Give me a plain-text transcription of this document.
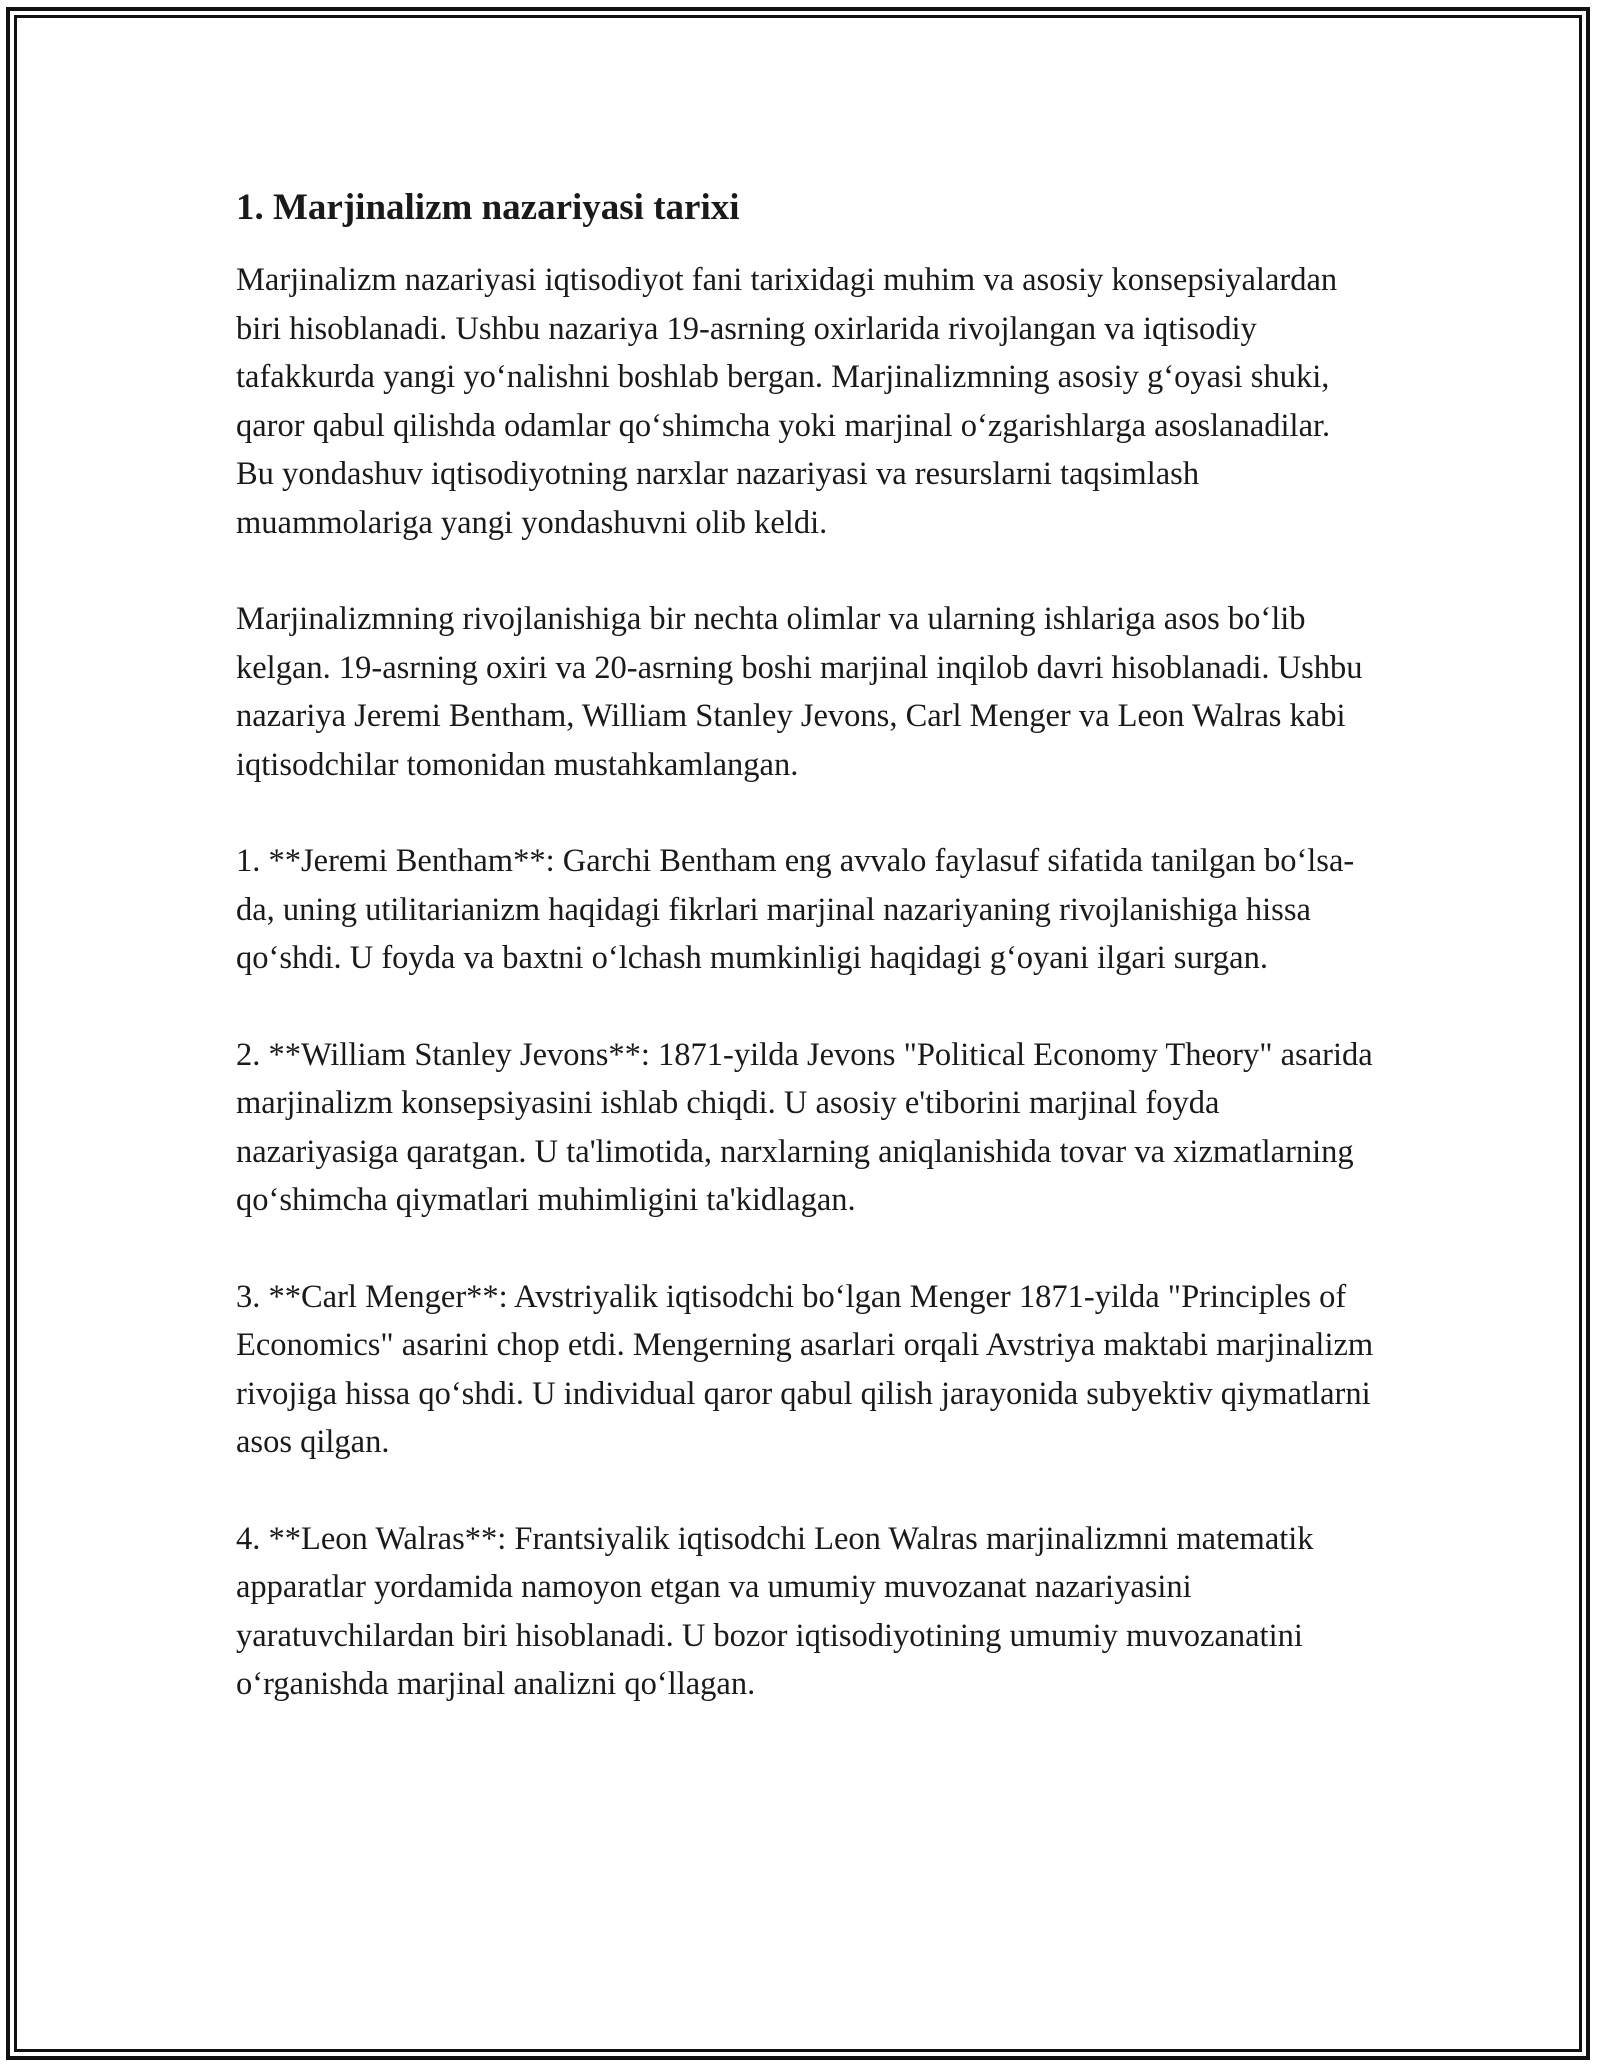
1. Marjinalizm nazariyasi tarixi

Marjinalizm nazariyasi iqtisodiyot fani tarixidagi muhim va asosiy konsepsiyalardan biri hisoblanadi. Ushbu nazariya 19-asrning oxirlarida rivojlangan va iqtisodiy tafakkurda yangi yo‘nalishni boshlab bergan. Marjinalizmning asosiy g‘oyasi shuki, qaror qabul qilishda odamlar qo‘shimcha yoki marjinal o‘zgarishlarga asoslanadilar. Bu yondashuv iqtisodiyotning narxlar nazariyasi va resurslarni taqsimlash muammolariga yangi yondashuvni olib keldi.

Marjinalizmning rivojlanishiga bir nechta olimlar va ularning ishlariga asos bo‘lib kelgan. 19-asrning oxiri va 20-asrning boshi marjinal inqilob davri hisoblanadi. Ushbu nazariya Jeremi Bentham, William Stanley Jevons, Carl Menger va Leon Walras kabi iqtisodchilar tomonidan mustahkamlangan.

1. **Jeremi Bentham**: Garchi Bentham eng avvalo faylasuf sifatida tanilgan bo‘lsa-da, uning utilitarianizm haqidagi fikrlari marjinal nazariyaning rivojlanishiga hissa qo‘shdi. U foyda va baxtni o‘lchash mumkinligi haqidagi g‘oyani ilgari surgan.

2. **William Stanley Jevons**: 1871-yilda Jevons "Political Economy Theory" asarida marjinalizm konsepsiyasini ishlab chiqdi. U asosiy e'tiborini marjinal foyda nazariyasiga qaratgan. U ta'limotida, narxlarning aniqlanishida tovar va xizmatlarning qo‘shimcha qiymatlari muhimligini ta'kidlagan.

3. **Carl Menger**: Avstriyalik iqtisodchi bo‘lgan Menger 1871-yilda "Principles of Economics" asarini chop etdi. Mengerning asarlari orqali Avstriya maktabi marjinalizm rivojiga hissa qo‘shdi. U individual qaror qabul qilish jarayonida subyektiv qiymatlarni asos qilgan.

4. **Leon Walras**: Frantsiyalik iqtisodchi Leon Walras marjinalizmni matematik apparatlar yordamida namoyon etgan va umumiy muvozanat nazariyasini yaratuvchilardan biri hisoblanadi. U bozor iqtisodiyotining umumiy muvozanatini o‘rganishda marjinal analizni qo‘llagan.
